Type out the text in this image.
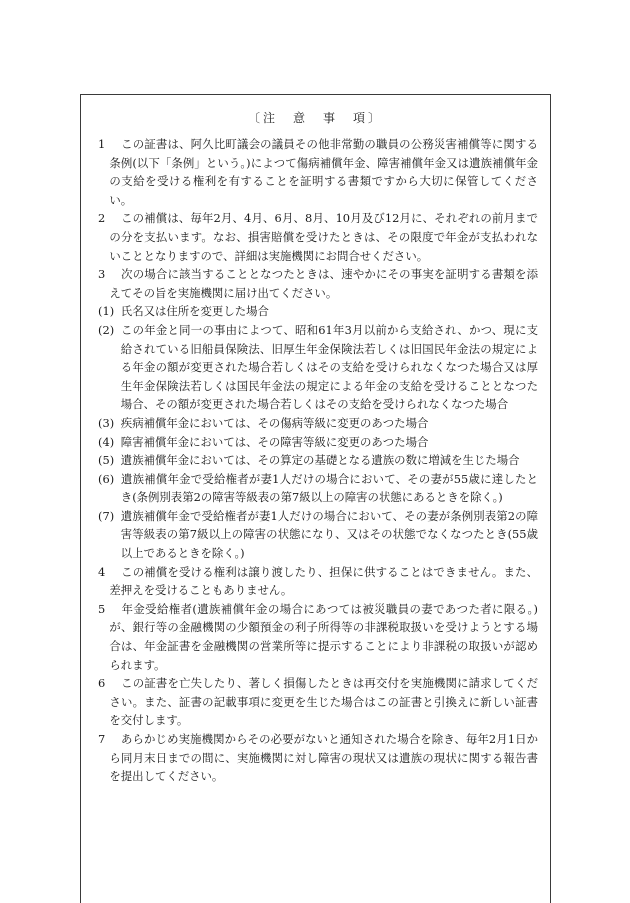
〔注　意　事　項〕

1　 この証書は、阿久比町議会の議員その他非常勤の職員の公務災害補償等に関する条例(以下「条例」という。)によつて傷病補償年金、障害補償年金又は遺族補償年金の支給を受ける権利を有することを証明する書類ですから大切に保管してください。

2　 この補償は、毎年2月、4月、6月、8月、10月及び12月に、それぞれの前月までの分を支払います。なお、損害賠償を受けたときは、その限度で年金が支払われないこととなりますので、詳細は実施機関にお問合せください。

3　 次の場合に該当することとなつたときは、速やかにその事実を証明する書類を添えてその旨を実施機関に届け出てください。

(1) 氏名又は住所を変更した場合

(2) この年金と同一の事由によつて、昭和61年3月以前から支給され、かつ、現に支給されている旧船員保険法、旧厚生年金保険法若しくは旧国民年金法の規定による年金の額が変更された場合若しくはその支給を受けられなくなつた場合又は厚生年金保険法若しくは国民年金法の規定による年金の支給を受けることとなつた場合、その額が変更された場合若しくはその支給を受けられなくなつた場合

(3) 疾病補償年金においては、その傷病等級に変更のあつた場合

(4) 障害補償年金においては、その障害等級に変更のあつた場合

(5) 遺族補償年金においては、その算定の基礎となる遺族の数に増減を生じた場合

(6) 遺族補償年金で受給権者が妻1人だけの場合において、その妻が55歳に達したとき(条例別表第2の障害等級表の第7級以上の障害の状態にあるときを除く。)

(7) 遺族補償年金で受給権者が妻1人だけの場合において、その妻が条例別表第2の障害等級表の第7級以上の障害の状態になり、又はその状態でなくなつたとき(55歳以上であるときを除く。)

4　 この補償を受ける権利は譲り渡したり、担保に供することはできません。また、差押えを受けることもありません。

5　 年金受給権者(遺族補償年金の場合にあつては被災職員の妻であつた者に限る。)が、銀行等の金融機関の少額預金の利子所得等の非課税取扱いを受けようとする場合は、年金証書を金融機関の営業所等に提示することにより非課税の取扱いが認められます。

6　 この証書を亡失したり、著しく損傷したときは再交付を実施機関に請求してください。また、証書の記載事項に変更を生じた場合はこの証書と引換えに新しい証書を交付します。

7　 あらかじめ実施機関からその必要がないと通知された場合を除き、毎年2月1日から同月末日までの間に、実施機関に対し障害の現状又は遺族の現状に関する報告書を提出してください。
